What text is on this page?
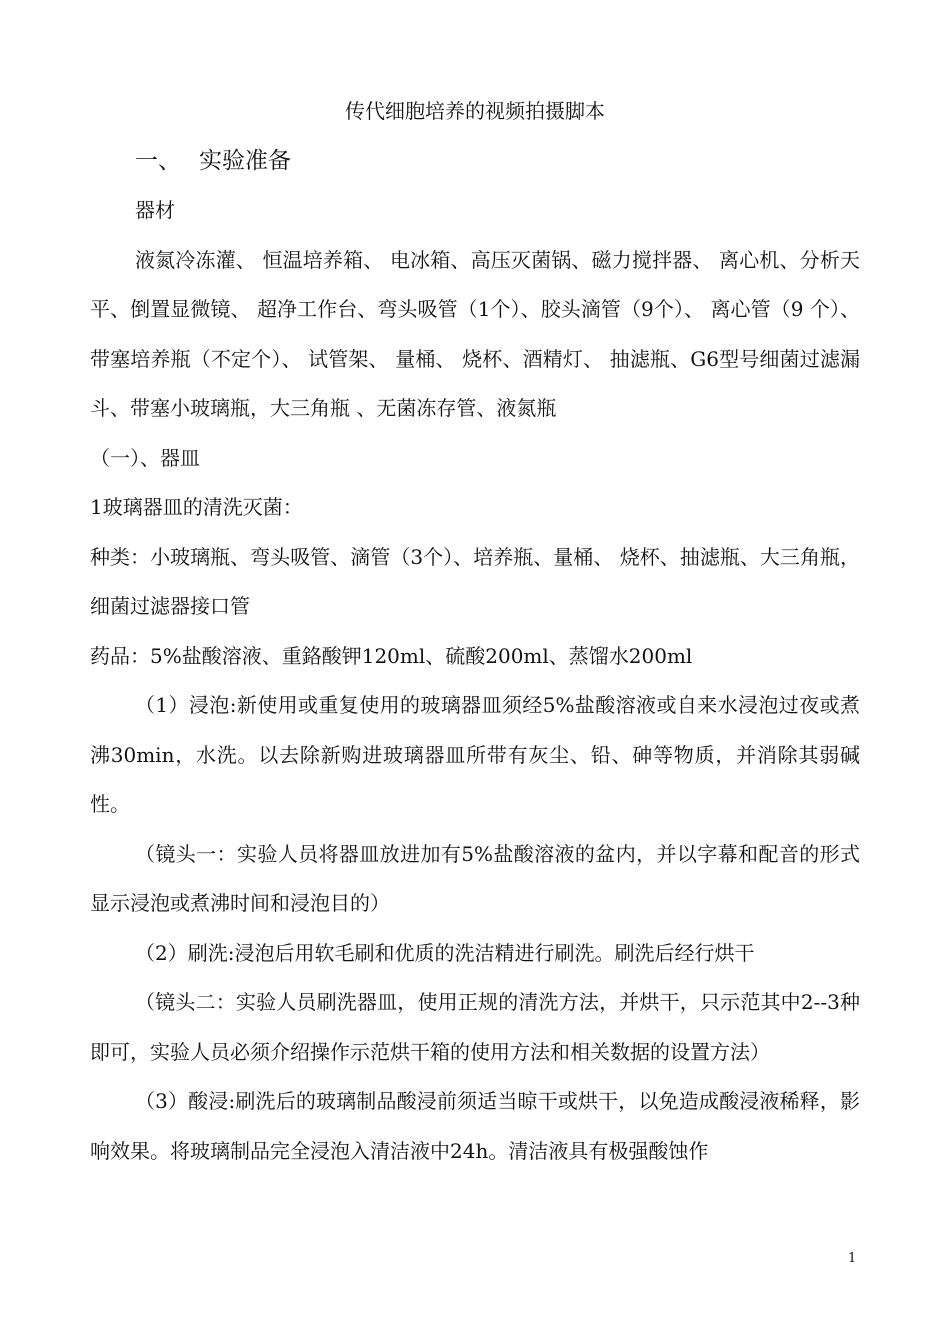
传代细胞培养的视频拍摄脚本
一、 实验准备

器材

液氮冷冻灌、 恒温培养箱、 电冰箱、高压灭菌锅、磁力搅拌器、 离心机、分析天平、倒置显微镜、 超净工作台、弯头吸管（1个）、胶头滴管（9个）、 离心管（9 个）、 带塞培养瓶（不定个）、 试管架、 量桶、 烧杯、酒精灯、 抽滤瓶、G6型号细菌过滤漏斗、带塞小玻璃瓶，大三角瓶 、无菌冻存管、液氮瓶

（一）、器皿

1玻璃器皿的清洗灭菌：

种类：小玻璃瓶、弯头吸管、滴管（3个）、培养瓶、量桶、 烧杯、抽滤瓶、大三角瓶，细菌过滤器接口管

药品：5%盐酸溶液、重鉻酸钾120ml、硫酸200ml、蒸馏水200ml

（1）浸泡:新使用或重复使用的玻璃器皿须经5%盐酸溶液或自来水浸泡过夜或煮沸30min，水洗。以去除新购进玻璃器皿所带有灰尘、铅、砷等物质，并消除其弱碱性。

（镜头一：实验人员将器皿放进加有5%盐酸溶液的盆内，并以字幕和配音的形式显示浸泡或煮沸时间和浸泡目的）

（2）刷洗:浸泡后用软毛刷和优质的洗洁精进行刷洗。刷洗后经行烘干

（镜头二：实验人员刷洗器皿，使用正规的清洗方法，并烘干，只示范其中2--3种即可，实验人员必须介绍操作示范烘干箱的使用方法和相关数据的设置方法）

（3）酸浸:刷洗后的玻璃制品酸浸前须适当晾干或烘干，以免造成酸浸液稀释，影响效果。将玻璃制品完全浸泡入清洁液中24h。清洁液具有极强酸蚀作

1
